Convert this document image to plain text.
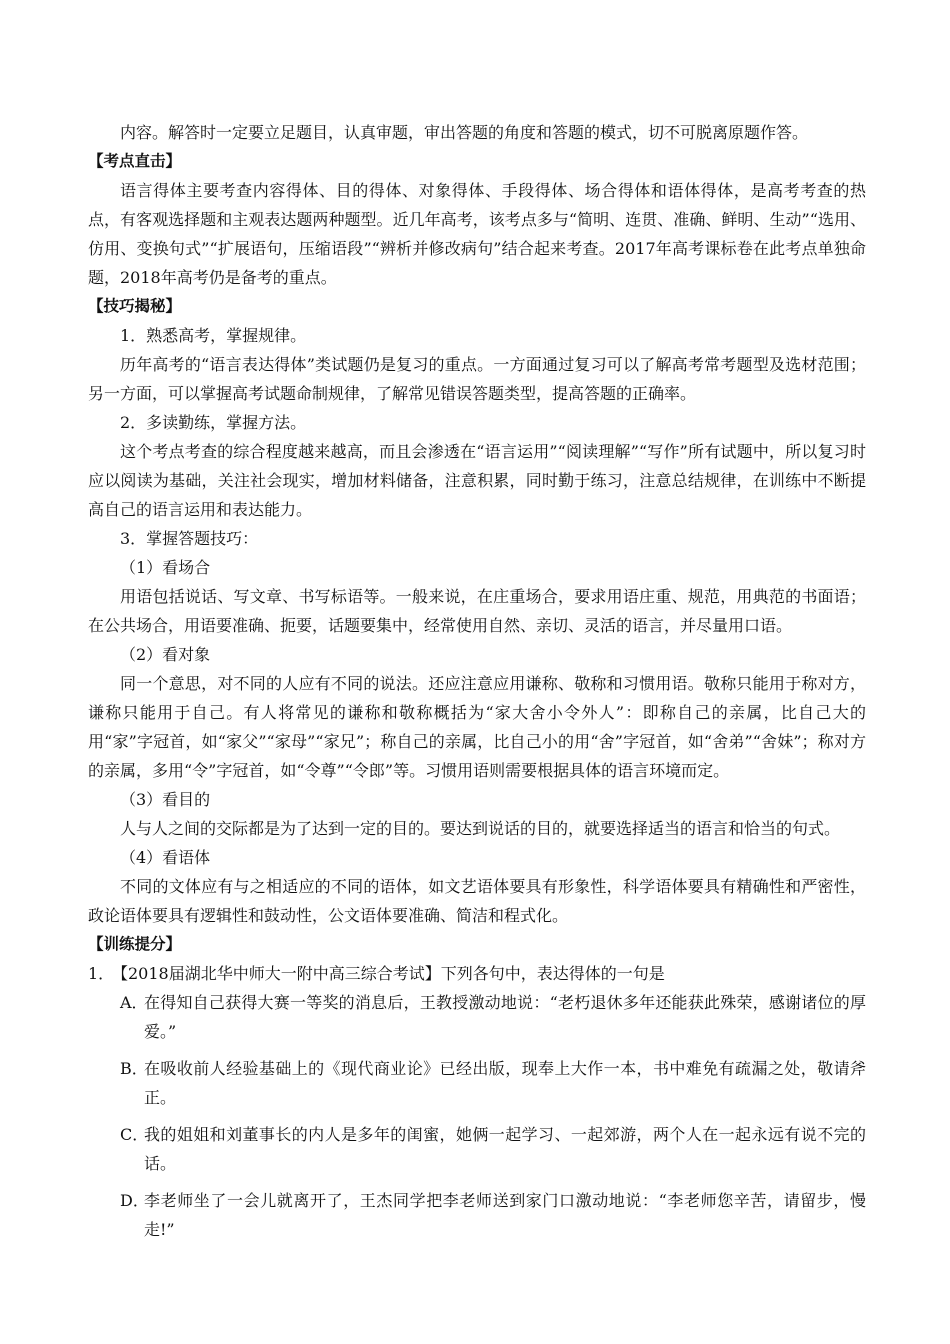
内容。解答时一定要立足题目，认真审题，审出答题的角度和答题的模式，切不可脱离原题作答。

【考点直击】

语言得体主要考查内容得体、目的得体、对象得体、手段得体、场合得体和语体得体，是高考考查的热点，有客观选择题和主观表达题两种题型。近几年高考，该考点多与“简明、连贯、准确、鲜明、生动”“选用、仿用、变换句式”“扩展语句，压缩语段”“辨析并修改病句”结合起来考查。2017年高考课标卷在此考点单独命题，2018年高考仍是备考的重点。

【技巧揭秘】

1．熟悉高考，掌握规律。

历年高考的“语言表达得体”类试题仍是复习的重点。一方面通过复习可以了解高考常考题型及选材范围；另一方面，可以掌握高考试题命制规律，了解常见错误答题类型，提高答题的正确率。

2．多读勤练，掌握方法。

这个考点考查的综合程度越来越高，而且会渗透在“语言运用”“阅读理解”“写作”所有试题中，所以复习时应以阅读为基础，关注社会现实，增加材料储备，注意积累，同时勤于练习，注意总结规律，在训练中不断提高自己的语言运用和表达能力。

3．掌握答题技巧：

（1）看场合

用语包括说话、写文章、书写标语等。一般来说，在庄重场合，要求用语庄重、规范，用典范的书面语；在公共场合，用语要准确、扼要，话题要集中，经常使用自然、亲切、灵活的语言，并尽量用口语。

（2）看对象

同一个意思，对不同的人应有不同的说法。还应注意应用谦称、敬称和习惯用语。敬称只能用于称对方，谦称只能用于自己。有人将常见的谦称和敬称概括为“家大舍小令外人”：即称自己的亲属，比自己大的用“家”字冠首，如“家父”“家母”“家兄”；称自己的亲属，比自己小的用“舍”字冠首，如“舍弟”“舍妹”；称对方的亲属，多用“令”字冠首，如“令尊”“令郎”等。习惯用语则需要根据具体的语言环境而定。

（3）看目的

人与人之间的交际都是为了达到一定的目的。要达到说话的目的，就要选择适当的语言和恰当的句式。

（4）看语体

不同的文体应有与之相适应的不同的语体，如文艺语体要具有形象性，科学语体要具有精确性和严密性，政论语体要具有逻辑性和鼓动性，公文语体要准确、简洁和程式化。

【训练提分】

1．
【2018届湖北华中师大一附中高三综合考试】下列各句中，表达得体的一句是
A．
在得知自己获得大赛一等奖的消息后，王教授激动地说：“老朽退休多年还能获此殊荣，感谢诸位的厚爱。”
B．
在吸收前人经验基础上的《现代商业论》已经出版，现奉上大作一本，书中难免有疏漏之处，敬请斧正。
C．
我的姐姐和刘董事长的内人是多年的闺蜜，她俩一起学习、一起郊游，两个人在一起永远有说不完的话。
D．
李老师坐了一会儿就离开了，王杰同学把李老师送到家门口激动地说：“李老师您辛苦，请留步，慢走!”
